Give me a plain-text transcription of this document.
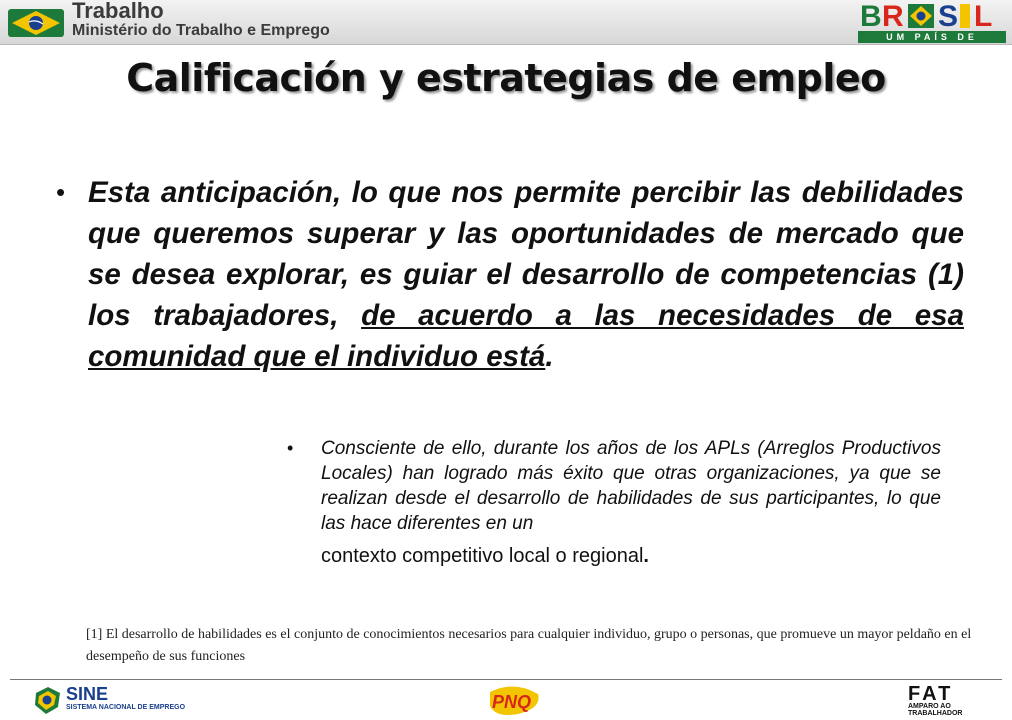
Trabalho
Ministério do Trabalho e Emprego	B R S L
UM PAÍS DE TODOS
Calificación y estrategias de empleo
• Esta anticipación, lo que nos permite percibir las debilidades que queremos superar y las oportunidades de mercado que se desea explorar, es guiar el desarrollo de competencias (1) los trabajadores, de acuerdo a las necesidades de esa comunidad que el individuo está.
• Consciente de ello, durante los años de los APLs (Arreglos Productivos Locales) han logrado más éxito que otras organizaciones, ya que se realizan desde el desarrollo de habilidades de sus participantes, lo que las hace diferentes en un
contexto competitivo local o regional.
[1] El desarrollo de habilidades es el conjunto de conocimientos necesarios para cualquier individuo, grupo o personas, que promueve un mayor peldaño en el desempeño de sus funciones
SINE
SISTEMA NACIONAL DE EMPREGO	PNQ	FAT
AMPARO AO TRABALHADOR
